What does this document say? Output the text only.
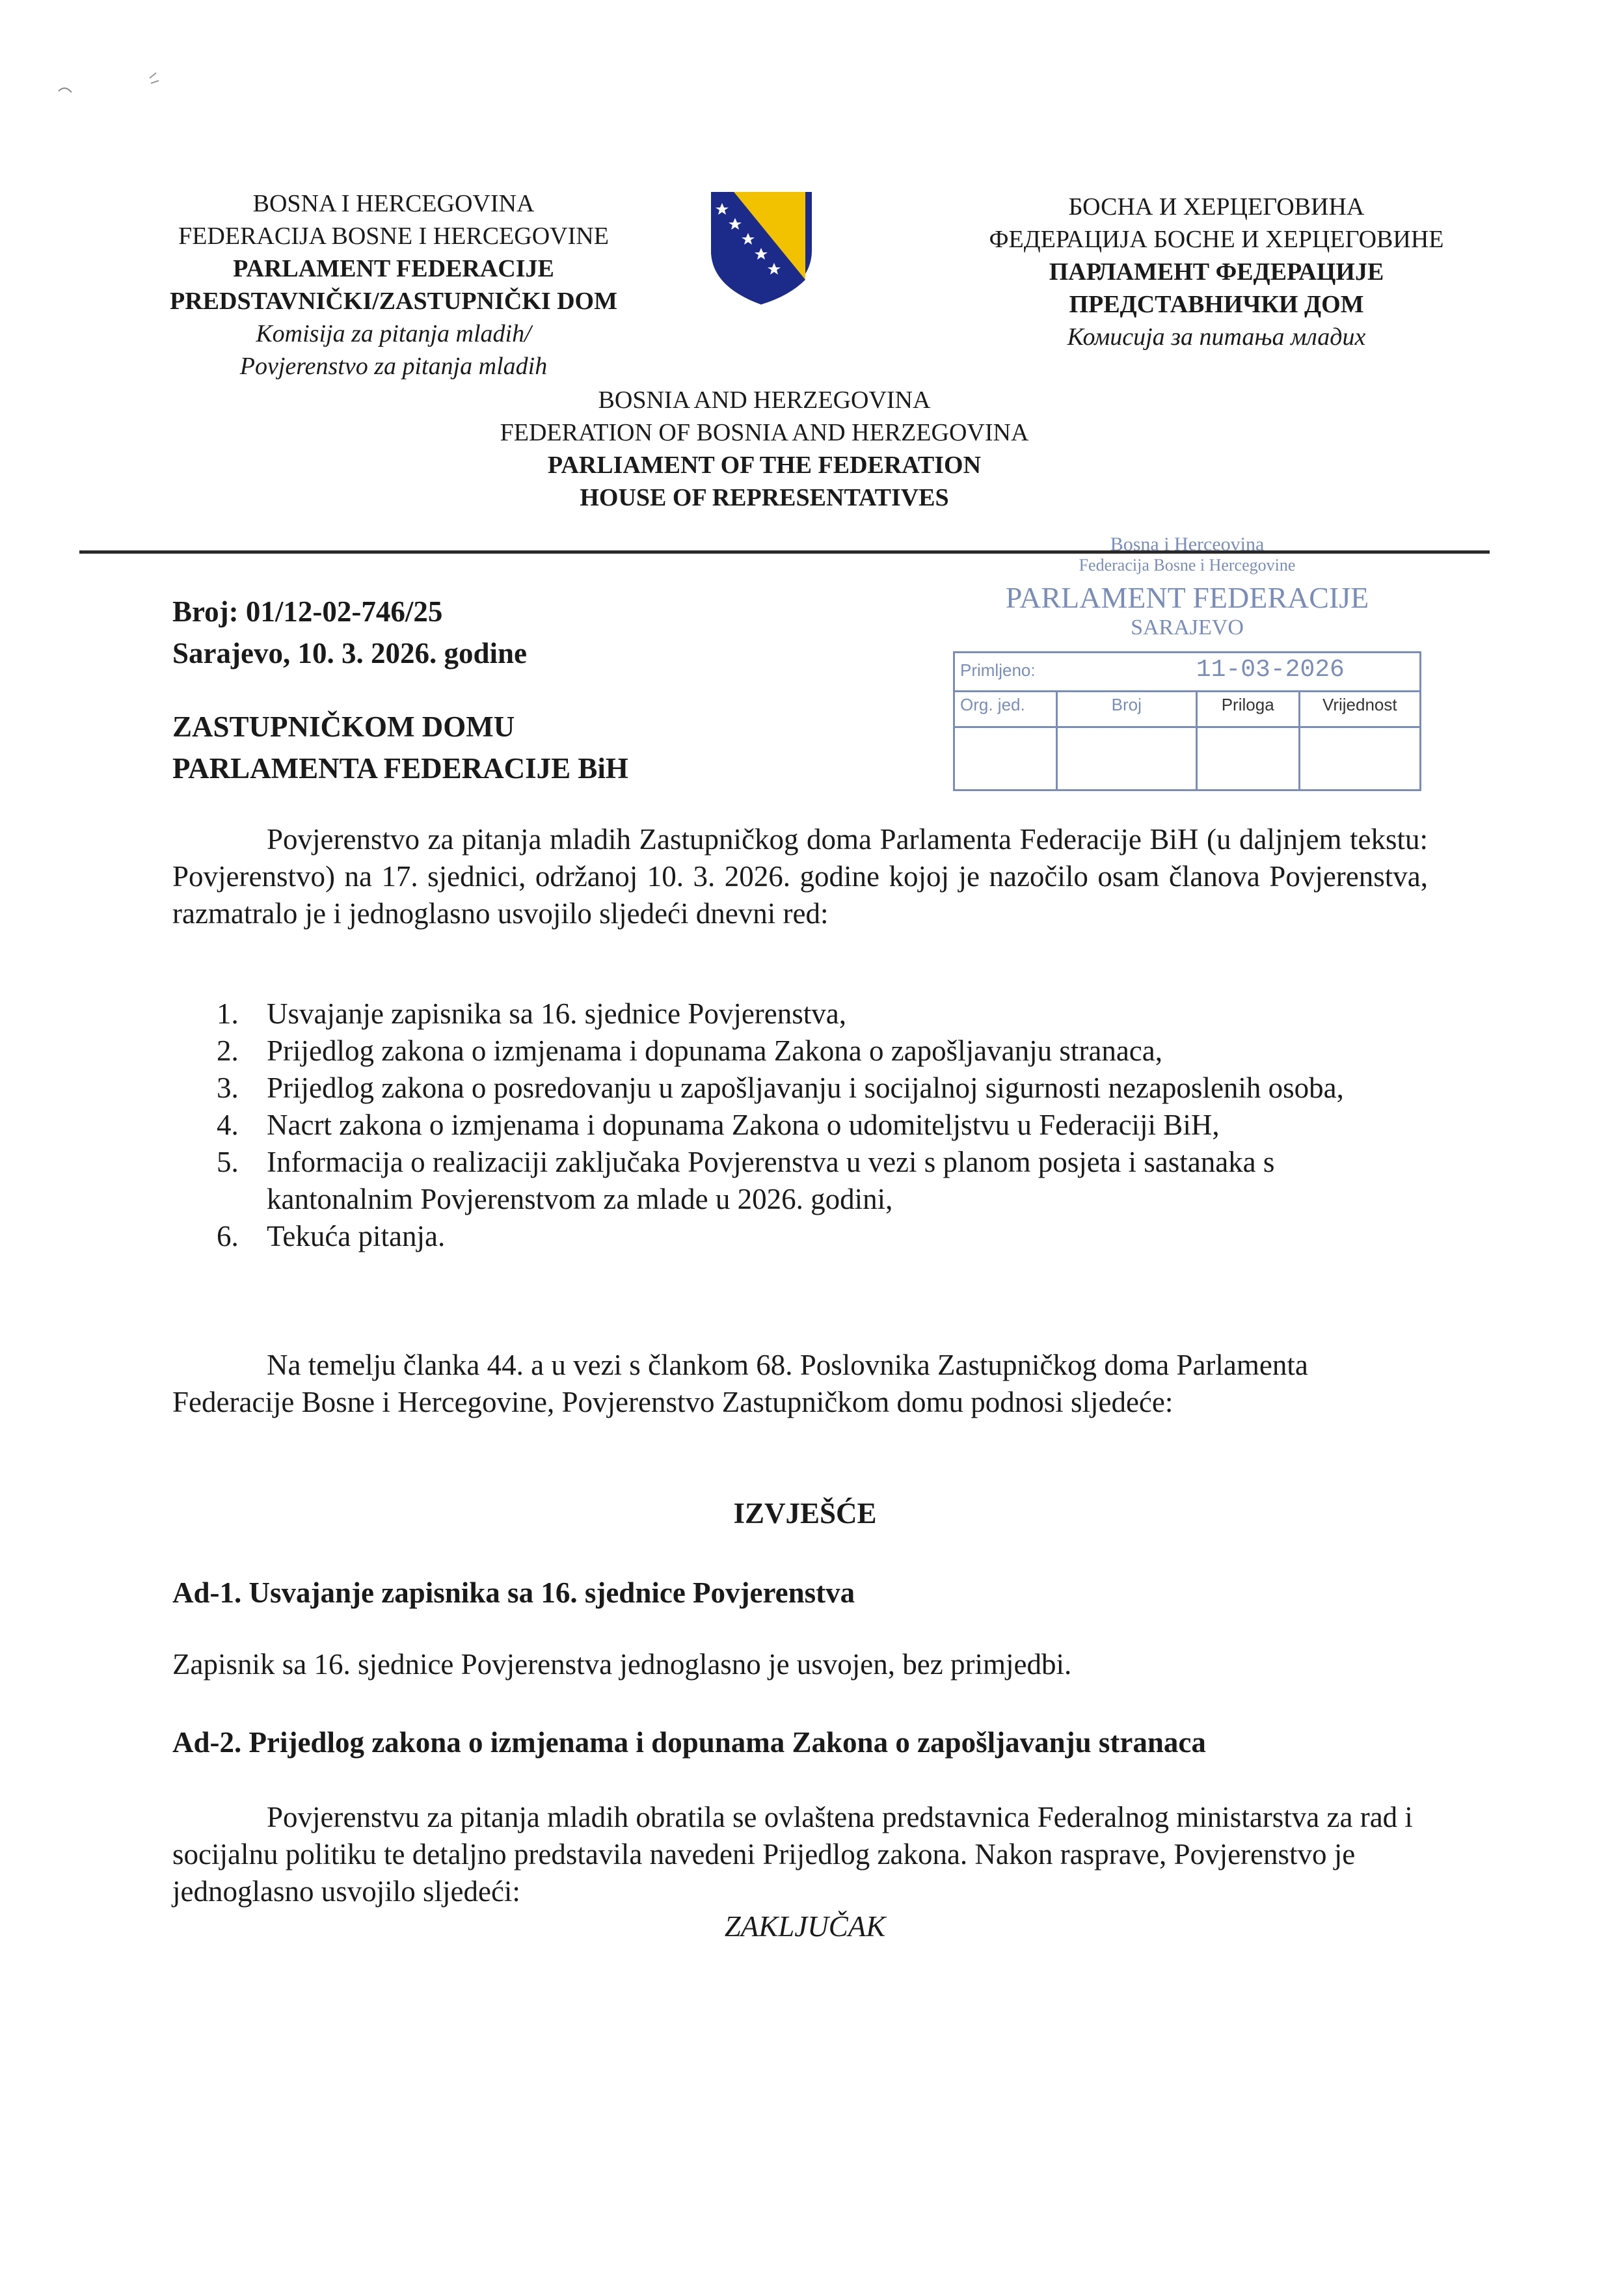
BOSNA I HERCEGOVINA
FEDERACIJA BOSNE I HERCEGOVINE
PARLAMENT FEDERACIJE
PREDSTAVNIČKI/ZASTUPNIČKI DOM
Komisija za pitanja mladih/
Povjerenstvo za pitanja mladih
БОСНА И ХЕРЦЕГОВИНА
ФЕДЕРАЦИЈА БОСНЕ И ХЕРЦЕГОВИНЕ
ПАРЛАМЕНТ ФЕДЕРАЦИЈЕ
ПРЕДСТАВНИЧКИ ДОМ
Комисија за питања младих
BOSNIA AND HERZEGOVINA
FEDERATION OF BOSNIA AND HERZEGOVINA
PARLIAMENT OF THE FEDERATION
HOUSE OF REPRESENTATIVES
Bosna i Herceovina
Federacija Bosne i Hercegovine
PARLAMENT FEDERACIJE
SARAJEVO
Primljeno: 11-03-2026			
Org. jed.	Broj	Priloga	Vrijednost

Broj: 01/12-02-746/25
Sarajevo, 10. 3. 2026. godine
ZASTUPNIČKOM DOMU
PARLAMENTA FEDERACIJE BiH
Povjerenstvo za pitanja mladih Zastupničkog doma Parlamenta Federacije BiH (u daljnjem tekstu: Povjerenstvo) na 17. sjednici, održanoj 10. 3. 2026. godine kojoj je nazočilo osam članova Povjerenstva, razmatralo je i jednoglasno usvojilo sljedeći dnevni red:
1. Usvajanje zapisnika sa 16. sjednice Povjerenstva,
2. Prijedlog zakona o izmjenama i dopunama Zakona o zapošljavanju stranaca,
3. Prijedlog zakona o posredovanju u zapošljavanju i socijalnoj sigurnosti nezaposlenih osoba,
4. Nacrt zakona o izmjenama i dopunama Zakona o udomiteljstvu u Federaciji BiH,
5. Informacija o realizaciji zaključaka Povjerenstva u vezi s planom posjeta i sastanaka s kantonalnim Povjerenstvom za mlade u 2026. godini,
6. Tekuća pitanja.
Na temelju članka 44. a u vezi s člankom 68. Poslovnika Zastupničkog doma Parlamenta Federacije Bosne i Hercegovine, Povjerenstvo Zastupničkom domu podnosi sljedeće:
IZVJEŠĆE
Ad-1. Usvajanje zapisnika sa 16. sjednice Povjerenstva
Zapisnik sa 16. sjednice Povjerenstva jednoglasno je usvojen, bez primjedbi.
Ad-2. Prijedlog zakona o izmjenama i dopunama Zakona o zapošljavanju stranaca
Povjerenstvu za pitanja mladih obratila se ovlaštena predstavnica Federalnog ministarstva za rad i socijalnu politiku te detaljno predstavila navedeni Prijedlog zakona. Nakon rasprave, Povjerenstvo je jednoglasno usvojilo sljedeći:
ZAKLJUČAK
